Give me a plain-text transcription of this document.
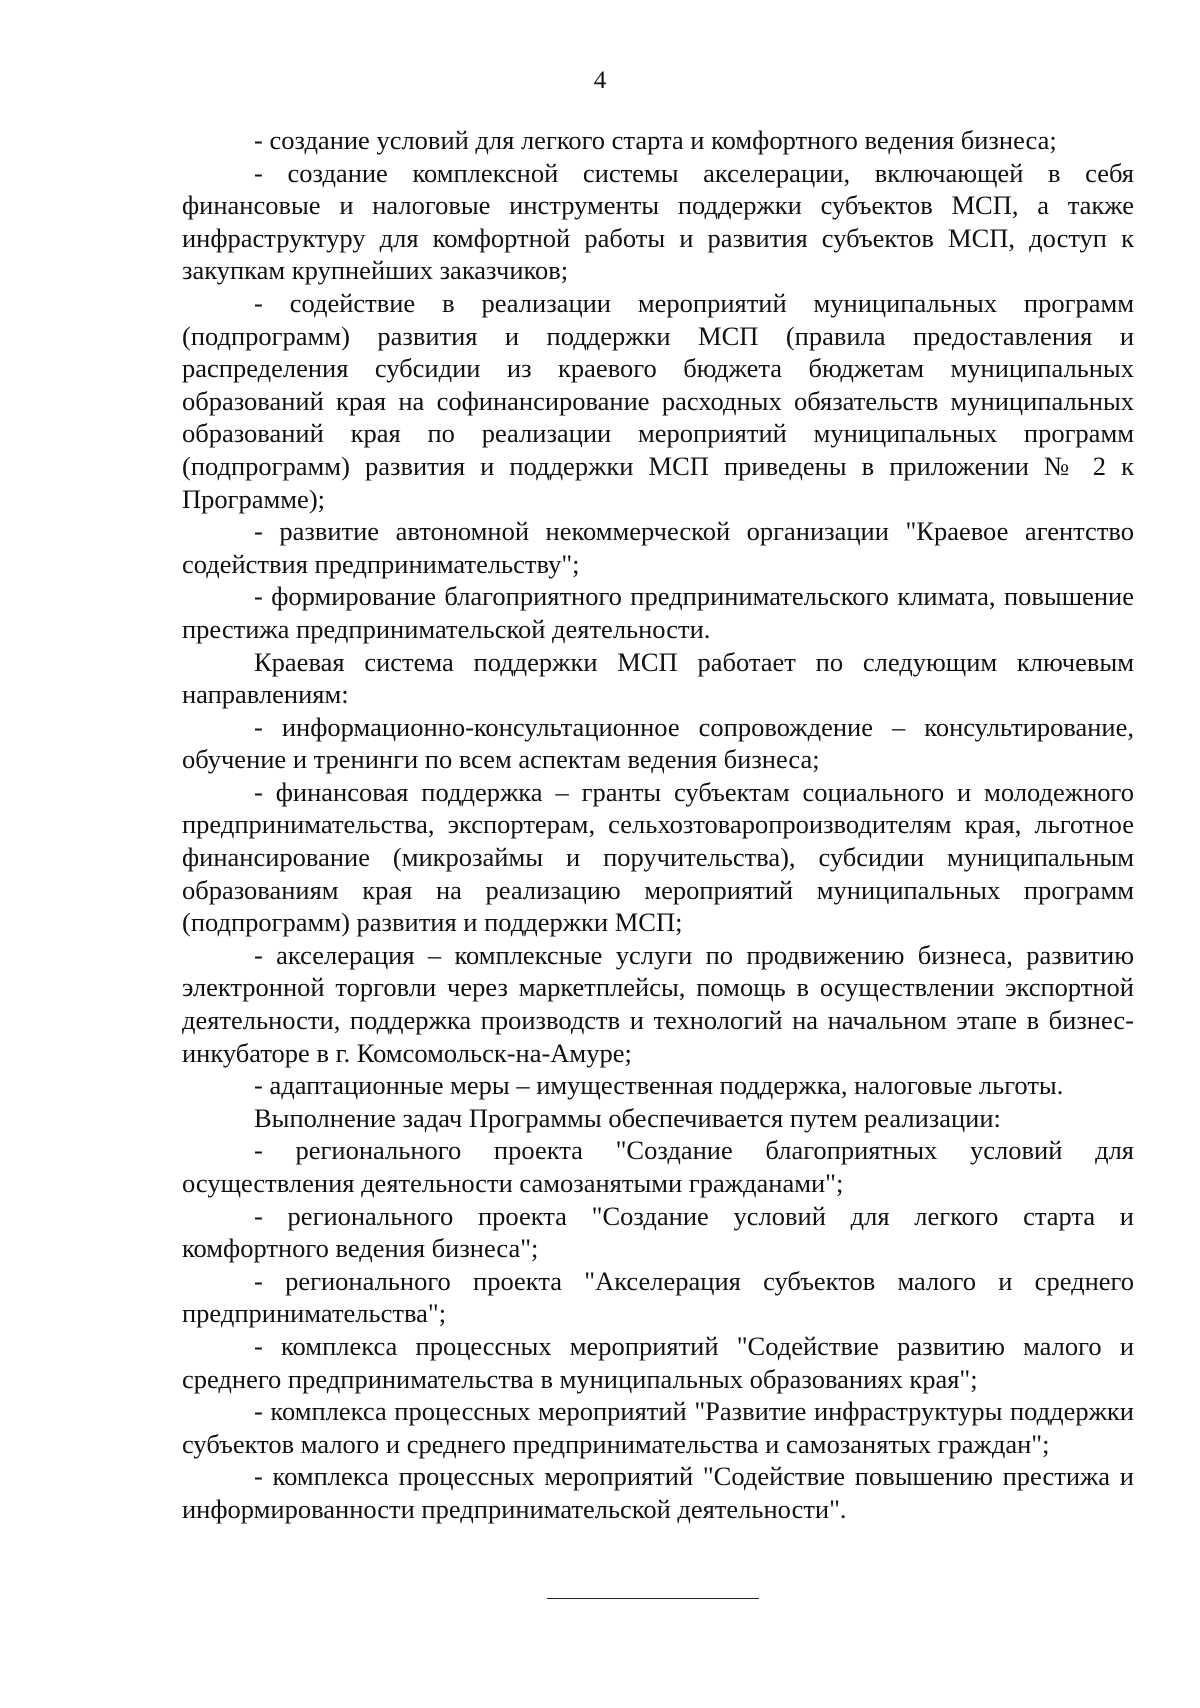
4

- создание условий для легкого старта и комфортного ведения бизнеса;

- создание комплексной системы акселерации, включающей в себя финансовые и налоговые инструменты поддержки субъектов МСП, а также инфраструктуру для комфортной работы и развития субъектов МСП, доступ к закупкам крупнейших заказчиков;

- содействие в реализации мероприятий муниципальных программ (подпрограмм) развития и поддержки МСП (правила предоставления и распределения субсидии из краевого бюджета бюджетам муниципальных образований края на софинансирование расходных обязательств муниципальных образований края по реализации мероприятий муниципальных программ (подпрограмм) развития и поддержки МСП приведены в приложении № 2 к Программе);

- развитие автономной некоммерческой организации "Краевое агентство содействия предпринимательству";

- формирование благоприятного предпринимательского климата, повышение престижа предпринимательской деятельности.

Краевая система поддержки МСП работает по следующим ключевым направлениям:

- информационно-консультационное сопровождение – консультирование, обучение и тренинги по всем аспектам ведения бизнеса;

- финансовая поддержка – гранты субъектам социального и молодежного предпринимательства, экспортерам, сельхозтоваропроизводителям края, льготное финансирование (микрозаймы и поручительства), субсидии муниципальным образованиям края на реализацию мероприятий муниципальных программ (подпрограмм) развития и поддержки МСП;

- акселерация – комплексные услуги по продвижению бизнеса, развитию электронной торговли через маркетплейсы, помощь в осуществлении экспортной деятельности, поддержка производств и технологий на начальном этапе в бизнес-инкубаторе в г. Комсомольск-на-Амуре;

- адаптационные меры – имущественная поддержка, налоговые льготы.

Выполнение задач Программы обеспечивается путем реализации:

- регионального проекта "Создание благоприятных условий для осуществления деятельности самозанятыми гражданами";

- регионального проекта "Создание условий для легкого старта и комфортного ведения бизнеса";

- регионального проекта "Акселерация субъектов малого и среднего предпринимательства";

- комплекса процессных мероприятий "Содействие развитию малого и среднего предпринимательства в муниципальных образованиях края";

- комплекса процессных мероприятий "Развитие инфраструктуры поддержки субъектов малого и среднего предпринимательства и самозанятых граждан";

- комплекса процессных мероприятий "Содействие повышению престижа и информированности предпринимательской деятельности".
